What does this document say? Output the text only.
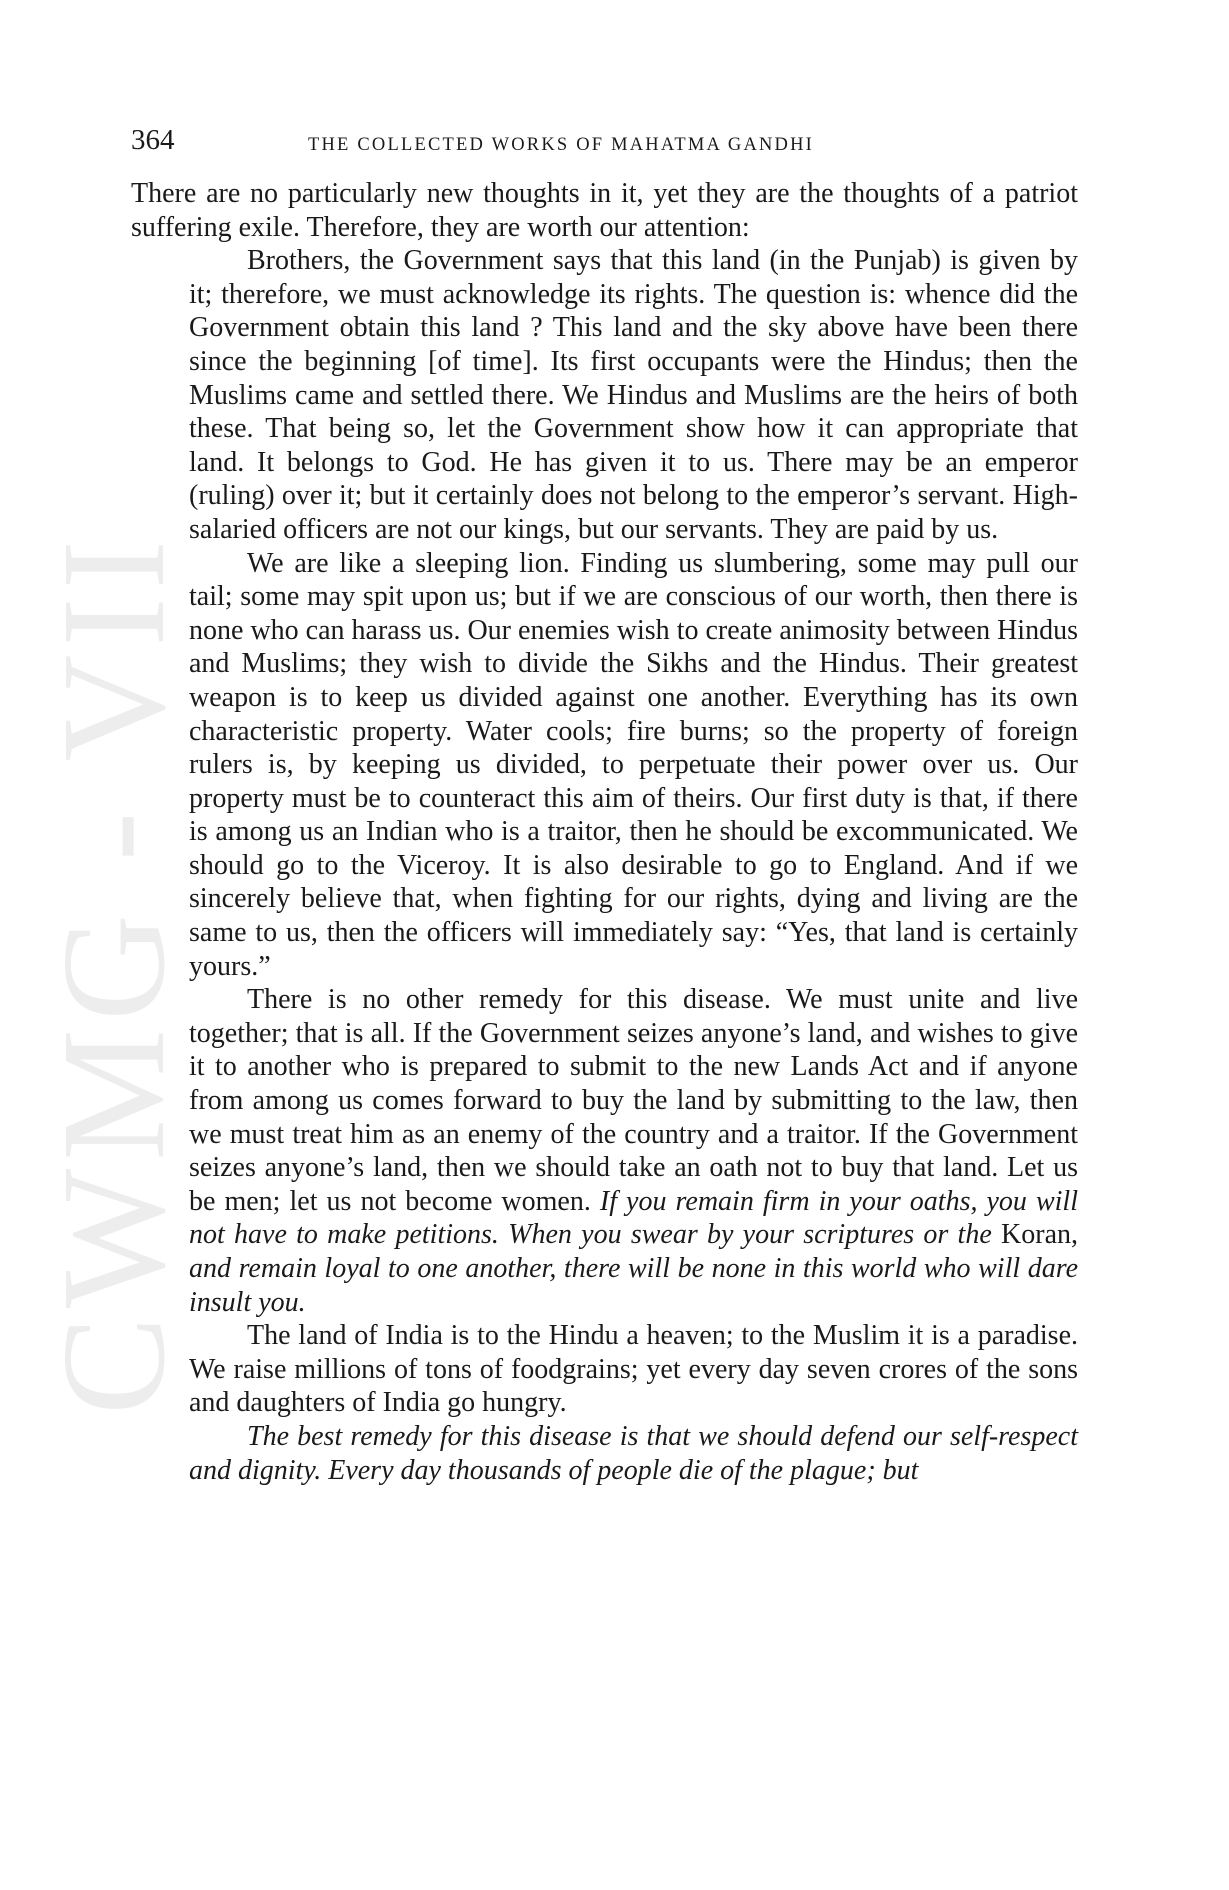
CWMG - VII
364	THE COLLECTED WORKS OF MAHATMA GANDHI

There are no particularly new thoughts in it, yet they are the thoughts of a patriot suffering exile. Therefore, they are worth our attention:

Brothers, the Government says that this land (in the Punjab) is given by it; therefore, we must acknowledge its rights. The question is: whence did the Government obtain this land ? This land and the sky above have been there since the beginning [of time]. Its first occupants were the Hindus; then the Muslims came and settled there. We Hindus and Muslims are the heirs of both these. That being so, let the Government show how it can appropriate that land. It belongs to God. He has given it to us. There may be an emperor (ruling) over it; but it certainly does not belong to the emperor’s servant. High-salaried officers are not our kings, but our servants. They are paid by us.

We are like a sleeping lion. Finding us slumbering, some may pull our tail; some may spit upon us; but if we are conscious of our worth, then there is none who can harass us. Our enemies wish to create animosity between Hindus and Muslims; they wish to divide the Sikhs and the Hindus. Their greatest weapon is to keep us divided against one another. Everything has its own characteristic property. Water cools; fire burns; so the property of foreign rulers is, by keeping us divided, to perpetuate their power over us. Our property must be to counteract this aim of theirs. Our first duty is that, if there is among us an Indian who is a traitor, then he should be excommunicated. We should go to the Viceroy. It is also desirable to go to England. And if we sincerely believe that, when fighting for our rights, dying and living are the same to us, then the officers will immediately say: “Yes, that land is certainly yours.”

There is no other remedy for this disease. We must unite and live together; that is all. If the Government seizes anyone’s land, and wishes to give it to another who is prepared to submit to the new Lands Act and if anyone from among us comes forward to buy the land by submitting to the law, then we must treat him as an enemy of the country and a traitor. If the Government seizes anyone’s land, then we should take an oath not to buy that land. Let us be men; let us not become women. If you remain firm in your oaths, you will not have to make petitions. When you swear by your scriptures or the Koran, and remain loyal to one another, there will be none in this world who will dare insult you.

The land of India is to the Hindu a heaven; to the Muslim it is a paradise. We raise millions of tons of foodgrains; yet every day seven crores of the sons and daughters of India go hungry.

The best remedy for this disease is that we should defend our self-respect and dignity. Every day thousands of people die of the plague; but
